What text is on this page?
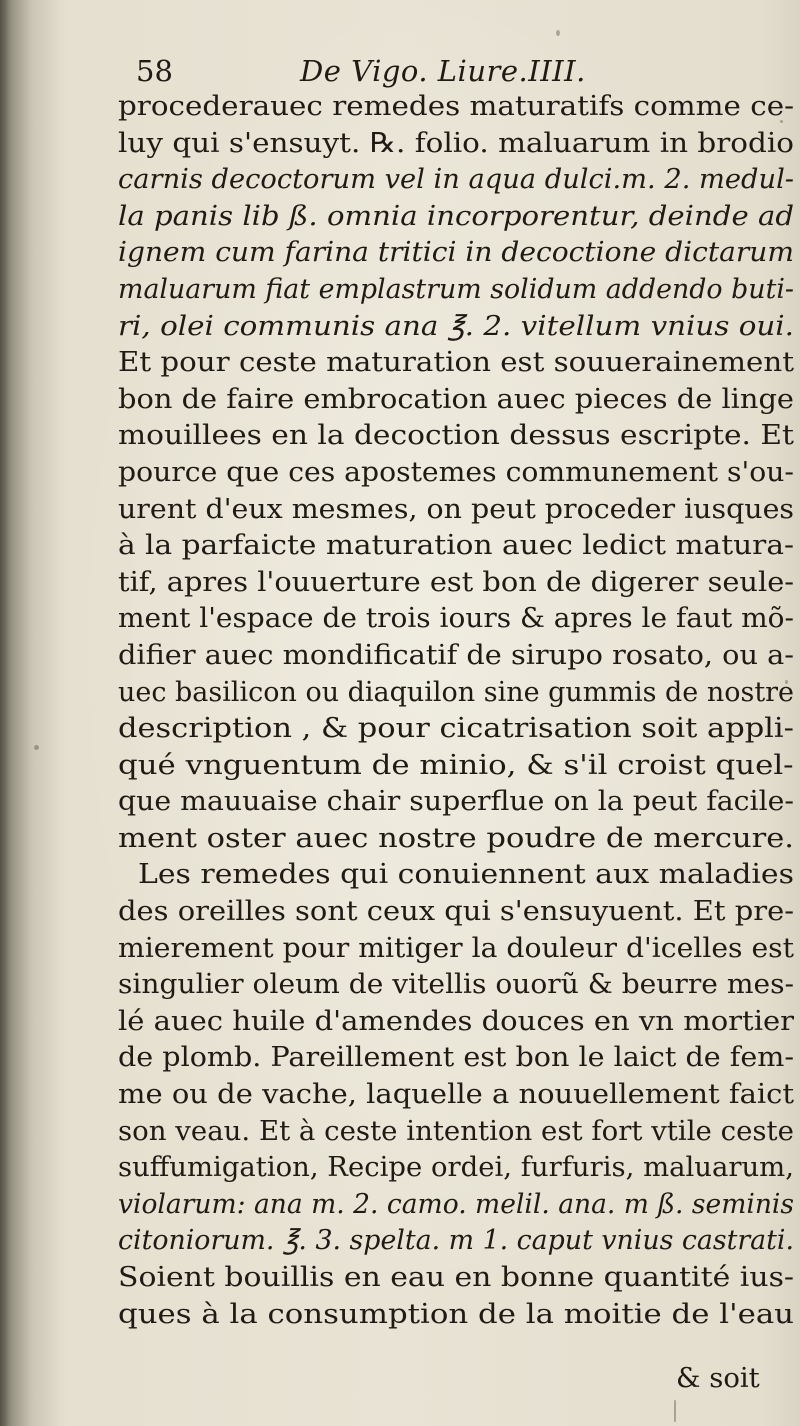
58	De Vigo. Liure.IIII.
procederauec remedes maturatifs comme ce-
luy qui s'ensuyt. ℞. folio. maluarum in brodio
carnis decoctorum vel in aqua dulci.m. 2. medul-
la panis lib ß. omnia incorporentur, deinde ad
ignem cum farina tritici in decoctione dictarum
maluarum fiat emplastrum solidum addendo buti-
ri, olei communis ana ℥. 2. vitellum vnius oui.
Et pour ceste maturation est souuerainement
bon de faire embrocation auec pieces de linge
mouillees en la decoction dessus escripte. Et
pource que ces apostemes communement s'ou-
urent d'eux mesmes, on peut proceder iusques
à la parfaicte maturation auec ledict matura-
tif, apres l'ouuerture est bon de digerer seule-
ment l'espace de trois iours & apres le faut mõ-
difier auec mondificatif de sirupo rosato, ou a-
uec basilicon ou diaquilon sine gummis de nostre
description , & pour cicatrisation soit appli-
qué vnguentum de minio, & s'il croist quel-
que mauuaise chair superflue on la peut facile-
ment oster auec nostre poudre de mercure.
Les remedes qui conuiennent aux maladies
des oreilles sont ceux qui s'ensuyuent. Et pre-
mierement pour mitiger la douleur d'icelles est
singulier oleum de vitellis ouorũ & beurre mes-
lé auec huile d'amendes douces en vn mortier
de plomb. Pareillement est bon le laict de fem-
me ou de vache, laquelle a nouuellement faict
son veau. Et à ceste intention est fort vtile ceste
suffumigation, Recipe ordei, furfuris, maluarum,
violarum: ana m. 2. camo. melil. ana. m ß. seminis
citoniorum. ℥. 3. spelta. m 1. caput vnius castrati.
Soient bouillis en eau en bonne quantité ius-
ques à la consumption de la moitie de l'eau
& soit
